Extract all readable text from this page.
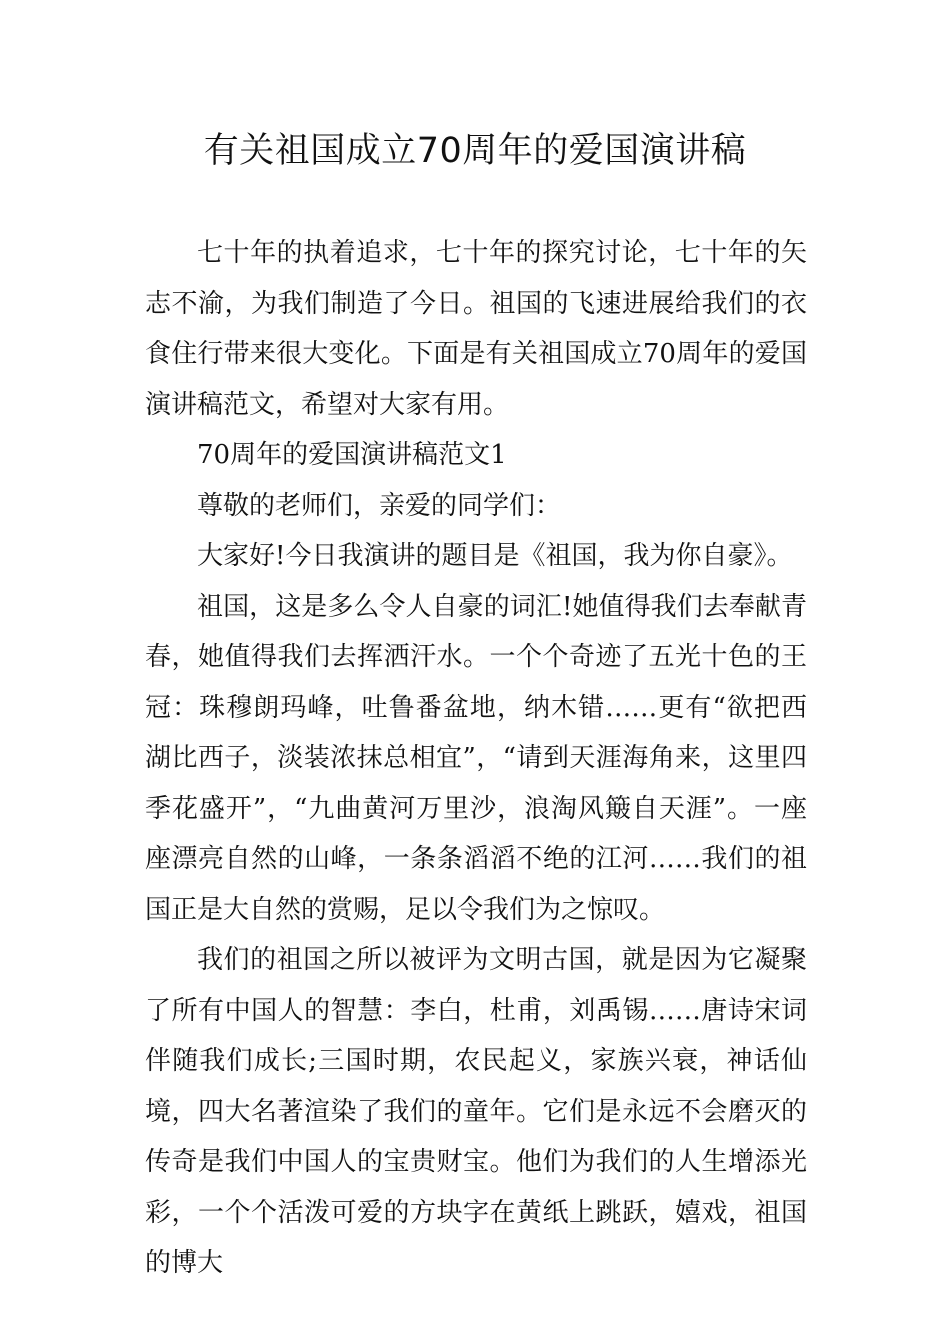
有关祖国成立70周年的爱国演讲稿

七十年的执着追求，七十年的探究讨论，七十年的矢志不渝，为我们制造了今日。祖国的飞速进展给我们的衣食住行带来很大变化。下面是有关祖国成立70周年的爱国演讲稿范文，希望对大家有用。

70周年的爱国演讲稿范文1

尊敬的老师们，亲爱的同学们：

大家好!今日我演讲的题目是《祖国，我为你自豪》。

祖国，这是多么令人自豪的词汇!她值得我们去奉献青春，她值得我们去挥洒汗水。一个个奇迹了五光十色的王冠：珠穆朗玛峰，吐鲁番盆地，纳木错……更有“欲把西湖比西子，淡装浓抹总相宜”，“请到天涯海角来，这里四季花盛开”，“九曲黄河万里沙，浪淘风簸自天涯”。一座座漂亮自然的山峰，一条条滔滔不绝的江河……我们的祖国正是大自然的赏赐，足以令我们为之惊叹。

我们的祖国之所以被评为文明古国，就是因为它凝聚了所有中国人的智慧：李白，杜甫，刘禹锡……唐诗宋词伴随我们成长;三国时期，农民起义，家族兴衰，神话仙境，四大名著渲染了我们的童年。它们是永远不会磨灭的传奇是我们中国人的宝贵财宝。他们为我们的人生增添光彩，一个个活泼可爱的方块字在黄纸上跳跃，嬉戏，祖国的博大
